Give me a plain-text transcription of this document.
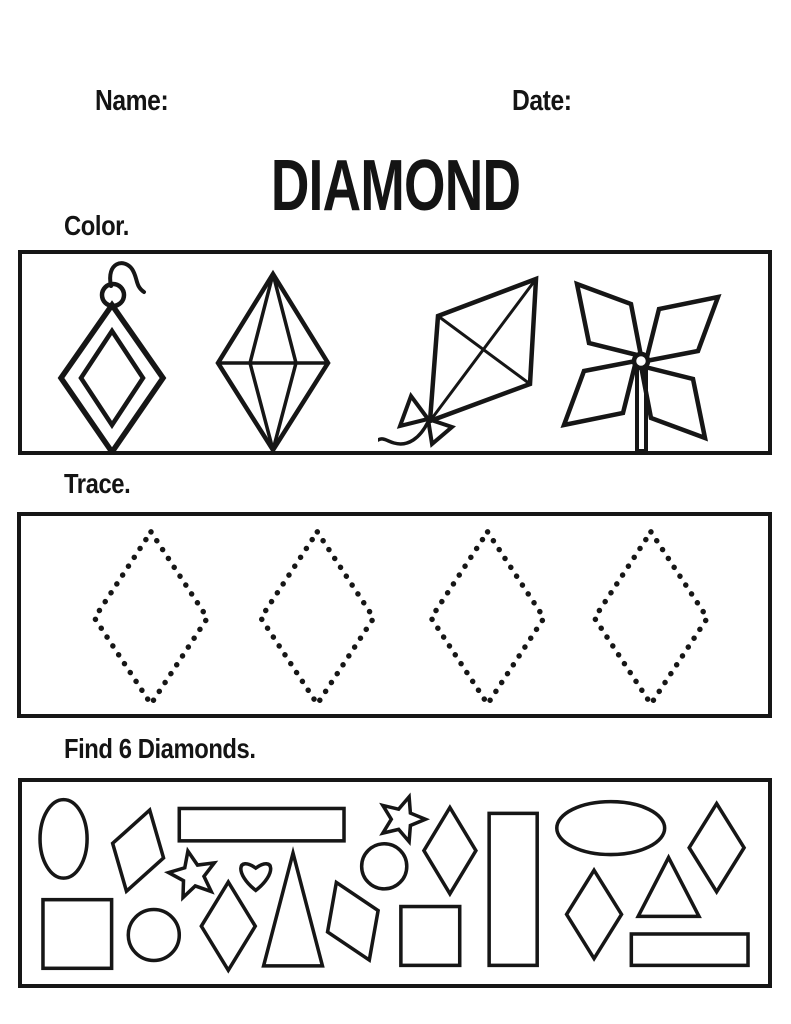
Name:	Date:
DIAMOND
Color.
Trace.
Find 6 Diamonds.
